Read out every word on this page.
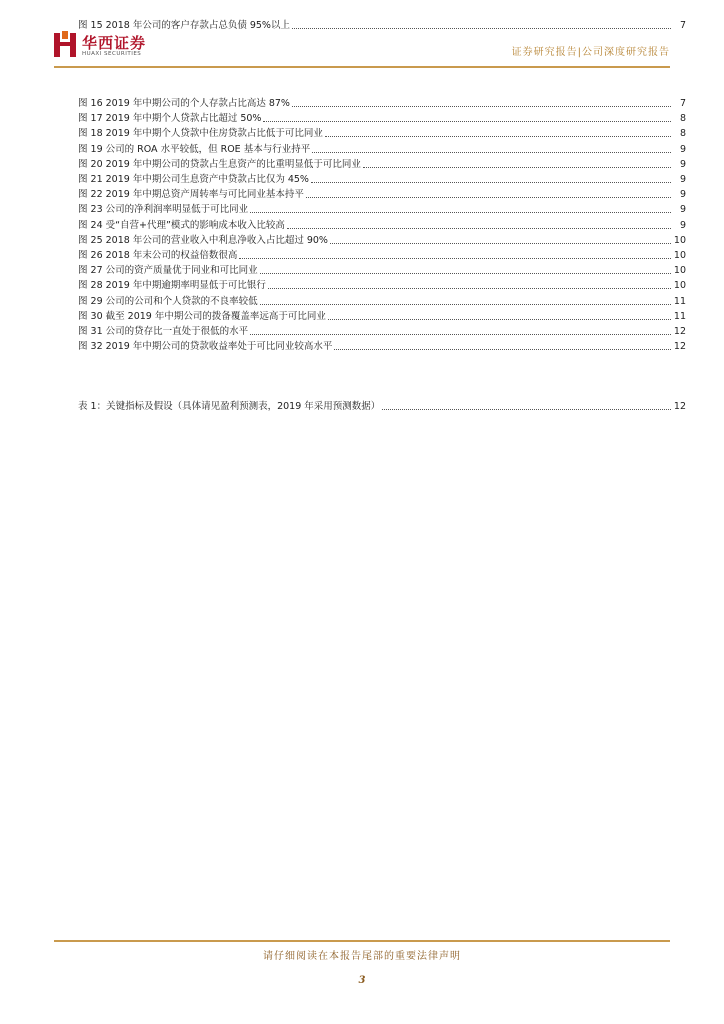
图 15 2018 年公司的客户存款占总负债 95%以上	7
华西证券
HUAXI SECURITIES	证券研究报告|公司深度研究报告
图 16 2019 年中期公司的个人存款占比高达 87%	7
图 17 2019 年中期个人贷款占比超过 50%	8
图 18 2019 年中期个人贷款中住房贷款占比低于可比同业	8
图 19 公司的 ROA 水平较低，但 ROE 基本与行业持平	9
图 20 2019 年中期公司的贷款占生息资产的比重明显低于可比同业	9
图 21 2019 年中期公司生息资产中贷款占比仅为 45%	9
图 22 2019 年中期总资产周转率与可比同业基本持平	9
图 23 公司的净利润率明显低于可比同业	9
图 24 受“自营+代理”模式的影响成本收入比较高	9
图 25 2018 年公司的营业收入中利息净收入占比超过 90%	10
图 26 2018 年末公司的权益倍数很高	10
图 27 公司的资产质量优于同业和可比同业	10
图 28 2019 年中期逾期率明显低于可比银行	10
图 29 公司的公司和个人贷款的不良率较低	11
图 30 截至 2019 年中期公司的拨备覆盖率远高于可比同业	11
图 31 公司的贷存比一直处于很低的水平	12
图 32 2019 年中期公司的贷款收益率处于可比同业较高水平	12
表 1：关键指标及假设（具体请见盈利预测表，2019 年采用预测数据）	12
请仔细阅读在本报告尾部的重要法律声明
3
